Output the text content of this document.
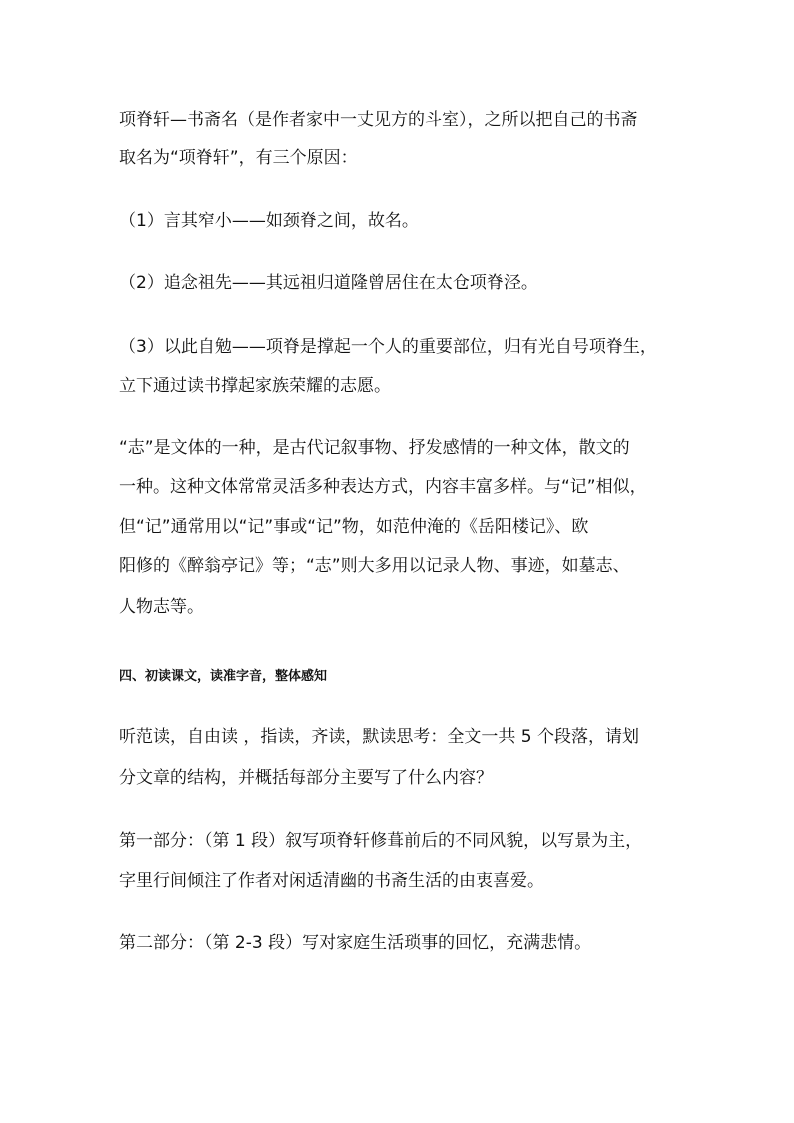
项脊轩—书斋名（是作者家中一丈见方的斗室），之所以把自己的书斋
取名为“项脊轩”，有三个原因：
（1）言其窄小——如颈脊之间，故名。
（2）追念祖先——其远祖归道隆曾居住在太仓项脊泾。
（3）以此自勉——项脊是撑起一个人的重要部位，归有光自号项脊生，
立下通过读书撑起家族荣耀的志愿。
“志”是文体的一种，是古代记叙事物、抒发感情的一种文体，散文的
一种。这种文体常常灵活多种表达方式，内容丰富多样。与“记”相似，
但“记”通常用以“记”事或“记”物，如范仲淹的《岳阳楼记》、欧
阳修的《醉翁亭记》等；“志”则大多用以记录人物、事迹，如墓志、
人物志等。
四、初读课文，读准字音，整体感知
听范读，自由读 ，指读，齐读，默读思考：全文一共 5 个段落，请划
分文章的结构，并概括每部分主要写了什么内容？
第一部分：（第 1 段）叙写项脊轩修葺前后的不同风貌，以写景为主，
字里行间倾注了作者对闲适清幽的书斋生活的由衷喜爱。
第二部分：（第 2-3 段）写对家庭生活琐事的回忆，充满悲情。
